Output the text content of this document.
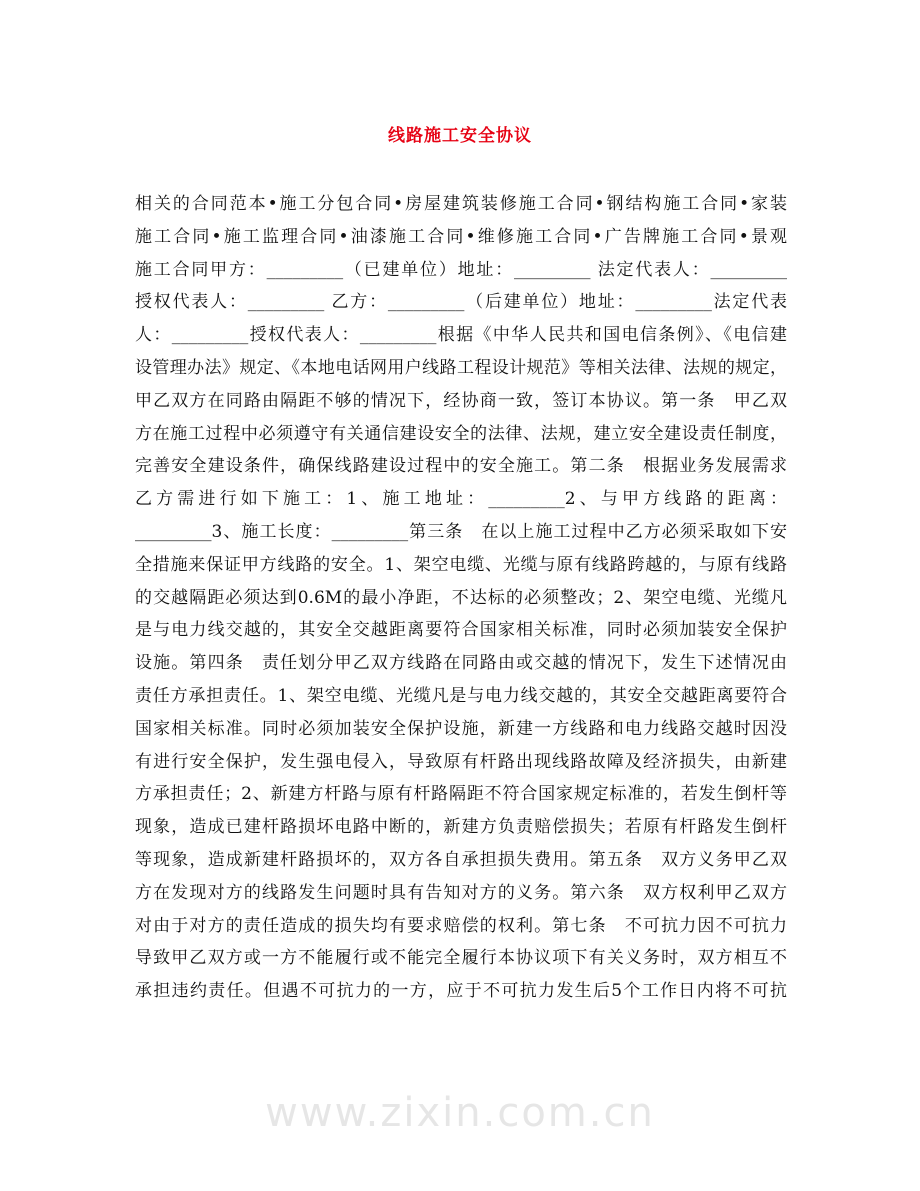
线路施工安全协议
相关的合同范本•施工分包合同•房屋建筑装修施工合同•钢结构施工合同•家装
施工合同•施工监理合同•油漆施工合同•维修施工合同•广告牌施工合同•景观
施工合同甲方：_________（已建单位）地址：_________ 法定代表人：_________
授权代表人：_________ 乙方：_________（后建单位）地址：_________法定代表
人：_________授权代表人：_________根据《中华人民共和国电信条例》、《电信建
设管理办法》规定、《本地电话网用户线路工程设计规范》等相关法律、法规的规定，
甲乙双方在同路由隔距不够的情况下，经协商一致，签订本协议。第一条　甲乙双
方在施工过程中必须遵守有关通信建设安全的法律、法规，建立安全建设责任制度，
完善安全建设条件，确保线路建设过程中的安全施工。第二条　根据业务发展需求
乙方需进行如下施工：1、施工地址：_________2、与甲方线路的距离：
_________3、施工长度：_________第三条　在以上施工过程中乙方必须采取如下安
全措施来保证甲方线路的安全。1、架空电缆、光缆与原有线路跨越的，与原有线路
的交越隔距必须达到0.6M的最小净距，不达标的必须整改；2、架空电缆、光缆凡
是与电力线交越的，其安全交越距离要符合国家相关标准，同时必须加装安全保护
设施。第四条　责任划分甲乙双方线路在同路由或交越的情况下，发生下述情况由
责任方承担责任。1、架空电缆、光缆凡是与电力线交越的，其安全交越距离要符合
国家相关标准。同时必须加装安全保护设施，新建一方线路和电力线路交越时因没
有进行安全保护，发生强电侵入，导致原有杆路出现线路故障及经济损失，由新建
方承担责任；2、新建方杆路与原有杆路隔距不符合国家规定标准的，若发生倒杆等
现象，造成已建杆路损坏电路中断的，新建方负责赔偿损失；若原有杆路发生倒杆
等现象，造成新建杆路损坏的，双方各自承担损失费用。第五条　双方义务甲乙双
方在发现对方的线路发生问题时具有告知对方的义务。第六条　双方权利甲乙双方
对由于对方的责任造成的损失均有要求赔偿的权利。第七条　不可抗力因不可抗力
导致甲乙双方或一方不能履行或不能完全履行本协议项下有关义务时，双方相互不
承担违约责任。但遇不可抗力的一方，应于不可抗力发生后5个工作日内将不可抗
www.zixin.com.cn
